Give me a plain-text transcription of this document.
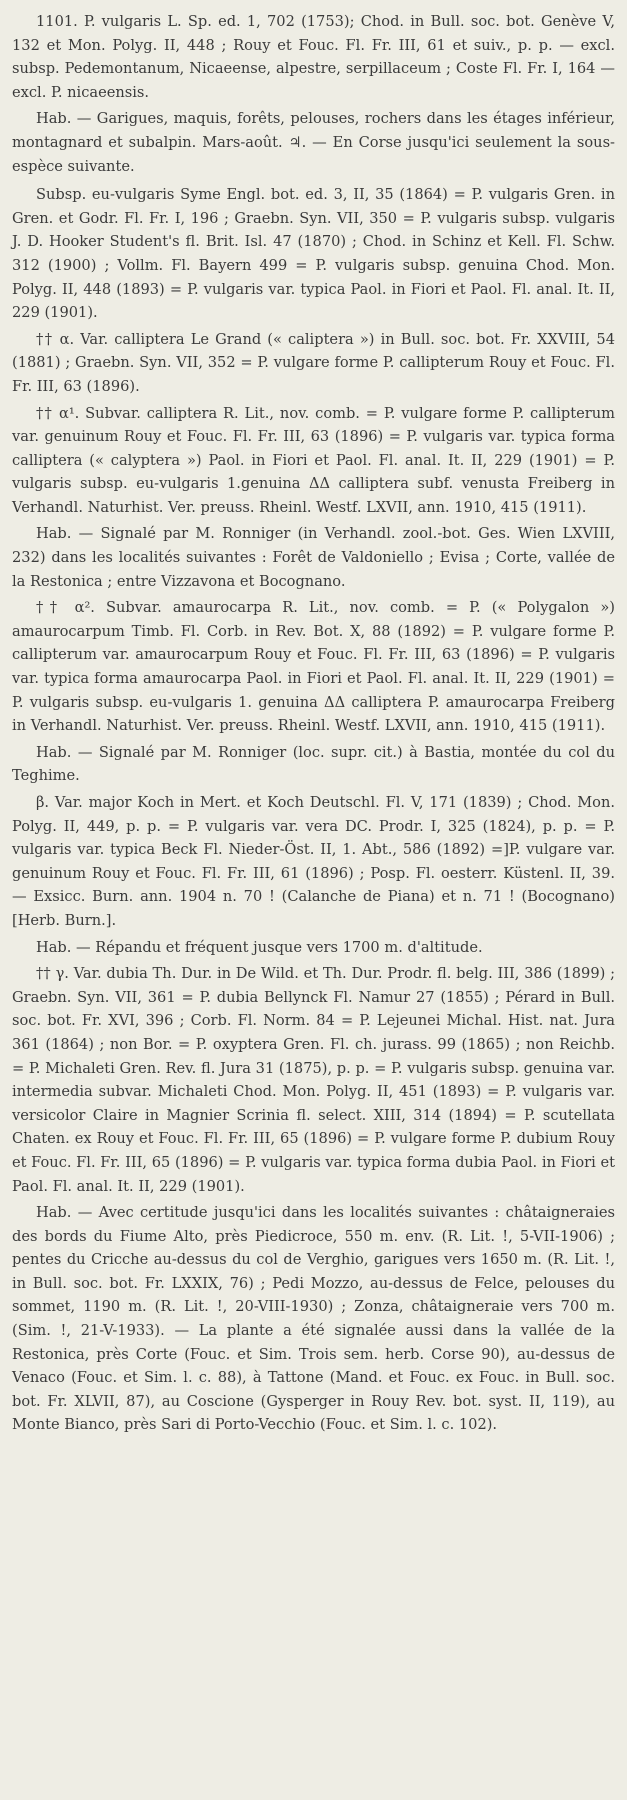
1101. P. vulgaris L. Sp. ed. 1, 702 (1753); Chod. in Bull. soc. bot. Genève V, 132 et Mon. Polyg. II, 448 ; Rouy et Fouc. Fl. Fr. III, 61 et suiv., p. p. — excl. subsp. Pedemontanum, Nicaeense, alpestre, serpillaceum ; Coste Fl. Fr. I, 164 — excl. P. nicaeensis.

Hab. — Garigues, maquis, forêts, pelouses, rochers dans les étages inférieur, montagnard et subalpin. Mars-août. ♃. — En Corse jusqu'ici seulement la sous-espèce suivante.

Subsp. eu-vulgaris Syme Engl. bot. ed. 3, II, 35 (1864) = P. vulgaris Gren. in Gren. et Godr. Fl. Fr. I, 196 ; Graebn. Syn. VII, 350 = P. vulgaris subsp. vulgaris J. D. Hooker Student's fl. Brit. Isl. 47 (1870) ; Chod. in Schinz et Kell. Fl. Schw. 312 (1900) ; Vollm. Fl. Bayern 499 = P. vulgaris subsp. genuina Chod. Mon. Polyg. II, 448 (1893) = P. vulgaris var. typica Paol. in Fiori et Paol. Fl. anal. It. II, 229 (1901).

†† α. Var. calliptera Le Grand (« caliptera ») in Bull. soc. bot. Fr. XXVIII, 54 (1881) ; Graebn. Syn. VII, 352 = P. vulgare forme P. callipterum Rouy et Fouc. Fl. Fr. III, 63 (1896).

†† α¹. Subvar. calliptera R. Lit., nov. comb. = P. vulgare forme P. callipterum var. genuinum Rouy et Fouc. Fl. Fr. III, 63 (1896) = P. vulgaris var. typica forma calliptera (« calyptera ») Paol. in Fiori et Paol. Fl. anal. It. II, 229 (1901) = P. vulgaris subsp. eu-vulgaris 1.genuina ΔΔ calliptera subf. venusta Freiberg in Verhandl. Naturhist. Ver. preuss. Rheinl. Westf. LXVII, ann. 1910, 415 (1911).

Hab. — Signalé par M. Ronniger (in Verhandl. zool.-bot. Ges. Wien LXVIII, 232) dans les localités suivantes : Forêt de Valdoniello ; Evisa ; Corte, vallée de la Restonica ; entre Vizzavona et Bocognano.

†† α². Subvar. amaurocarpa R. Lit., nov. comb. = P. (« Polygalon ») amaurocarpum Timb. Fl. Corb. in Rev. Bot. X, 88 (1892) = P. vulgare forme P. callipterum var. amaurocarpum Rouy et Fouc. Fl. Fr. III, 63 (1896) = P. vulgaris var. typica forma amaurocarpa Paol. in Fiori et Paol. Fl. anal. It. II, 229 (1901) = P. vulgaris subsp. eu-vulgaris 1. genuina ΔΔ calliptera P. amaurocarpa Freiberg in Verhandl. Naturhist. Ver. preuss. Rheinl. Westf. LXVII, ann. 1910, 415 (1911).

Hab. — Signalé par M. Ronniger (loc. supr. cit.) à Bastia, montée du col du Teghime.

β. Var. major Koch in Mert. et Koch Deutschl. Fl. V, 171 (1839) ; Chod. Mon. Polyg. II, 449, p. p. = P. vulgaris var. vera DC. Prodr. I, 325 (1824), p. p. = P. vulgaris var. typica Beck Fl. Nieder-Öst. II, 1. Abt., 586 (1892) =]P. vulgare var. genuinum Rouy et Fouc. Fl. Fr. III, 61 (1896) ; Posp. Fl. oesterr. Küstenl. II, 39. — Exsicc. Burn. ann. 1904 n. 70 ! (Calanche de Piana) et n. 71 ! (Bocognano) [Herb. Burn.].

Hab. — Répandu et fréquent jusque vers 1700 m. d'altitude.

†† γ. Var. dubia Th. Dur. in De Wild. et Th. Dur. Prodr. fl. belg. III, 386 (1899) ; Graebn. Syn. VII, 361 = P. dubia Bellynck Fl. Namur 27 (1855) ; Pérard in Bull. soc. bot. Fr. XVI, 396 ; Corb. Fl. Norm. 84 = P. Lejeunei Michal. Hist. nat. Jura 361 (1864) ; non Bor. = P. oxyptera Gren. Fl. ch. jurass. 99 (1865) ; non Reichb. = P. Michaleti Gren. Rev. fl. Jura 31 (1875), p. p. = P. vulgaris subsp. genuina var. intermedia subvar. Michaleti Chod. Mon. Polyg. II, 451 (1893) = P. vulgaris var. versicolor Claire in Magnier Scrinia fl. select. XIII, 314 (1894) = P. scutellata Chaten. ex Rouy et Fouc. Fl. Fr. III, 65 (1896) = P. vulgare forme P. dubium Rouy et Fouc. Fl. Fr. III, 65 (1896) = P. vulgaris var. typica forma dubia Paol. in Fiori et Paol. Fl. anal. It. II, 229 (1901).

Hab. — Avec certitude jusqu'ici dans les localités suivantes : châtaigneraies des bords du Fiume Alto, près Piedicroce, 550 m. env. (R. Lit. !, 5-VII-1906) ; pentes du Cricche au-dessus du col de Verghio, garigues vers 1650 m. (R. Lit. !, in Bull. soc. bot. Fr. LXXIX, 76) ; Pedi Mozzo, au-dessus de Felce, pelouses du sommet, 1190 m. (R. Lit. !, 20-VIII-1930) ; Zonza, châtaigneraie vers 700 m. (Sim. !, 21-V-1933). — La plante a été signalée aussi dans la vallée de la Restonica, près Corte (Fouc. et Sim. Trois sem. herb. Corse 90), au-dessus de Venaco (Fouc. et Sim. l. c. 88), à Tattone (Mand. et Fouc. ex Fouc. in Bull. soc. bot. Fr. XLVII, 87), au Coscione (Gysperger in Rouy Rev. bot. syst. II, 119), au Monte Bianco, près Sari di Porto-Vecchio (Fouc. et Sim. l. c. 102).
